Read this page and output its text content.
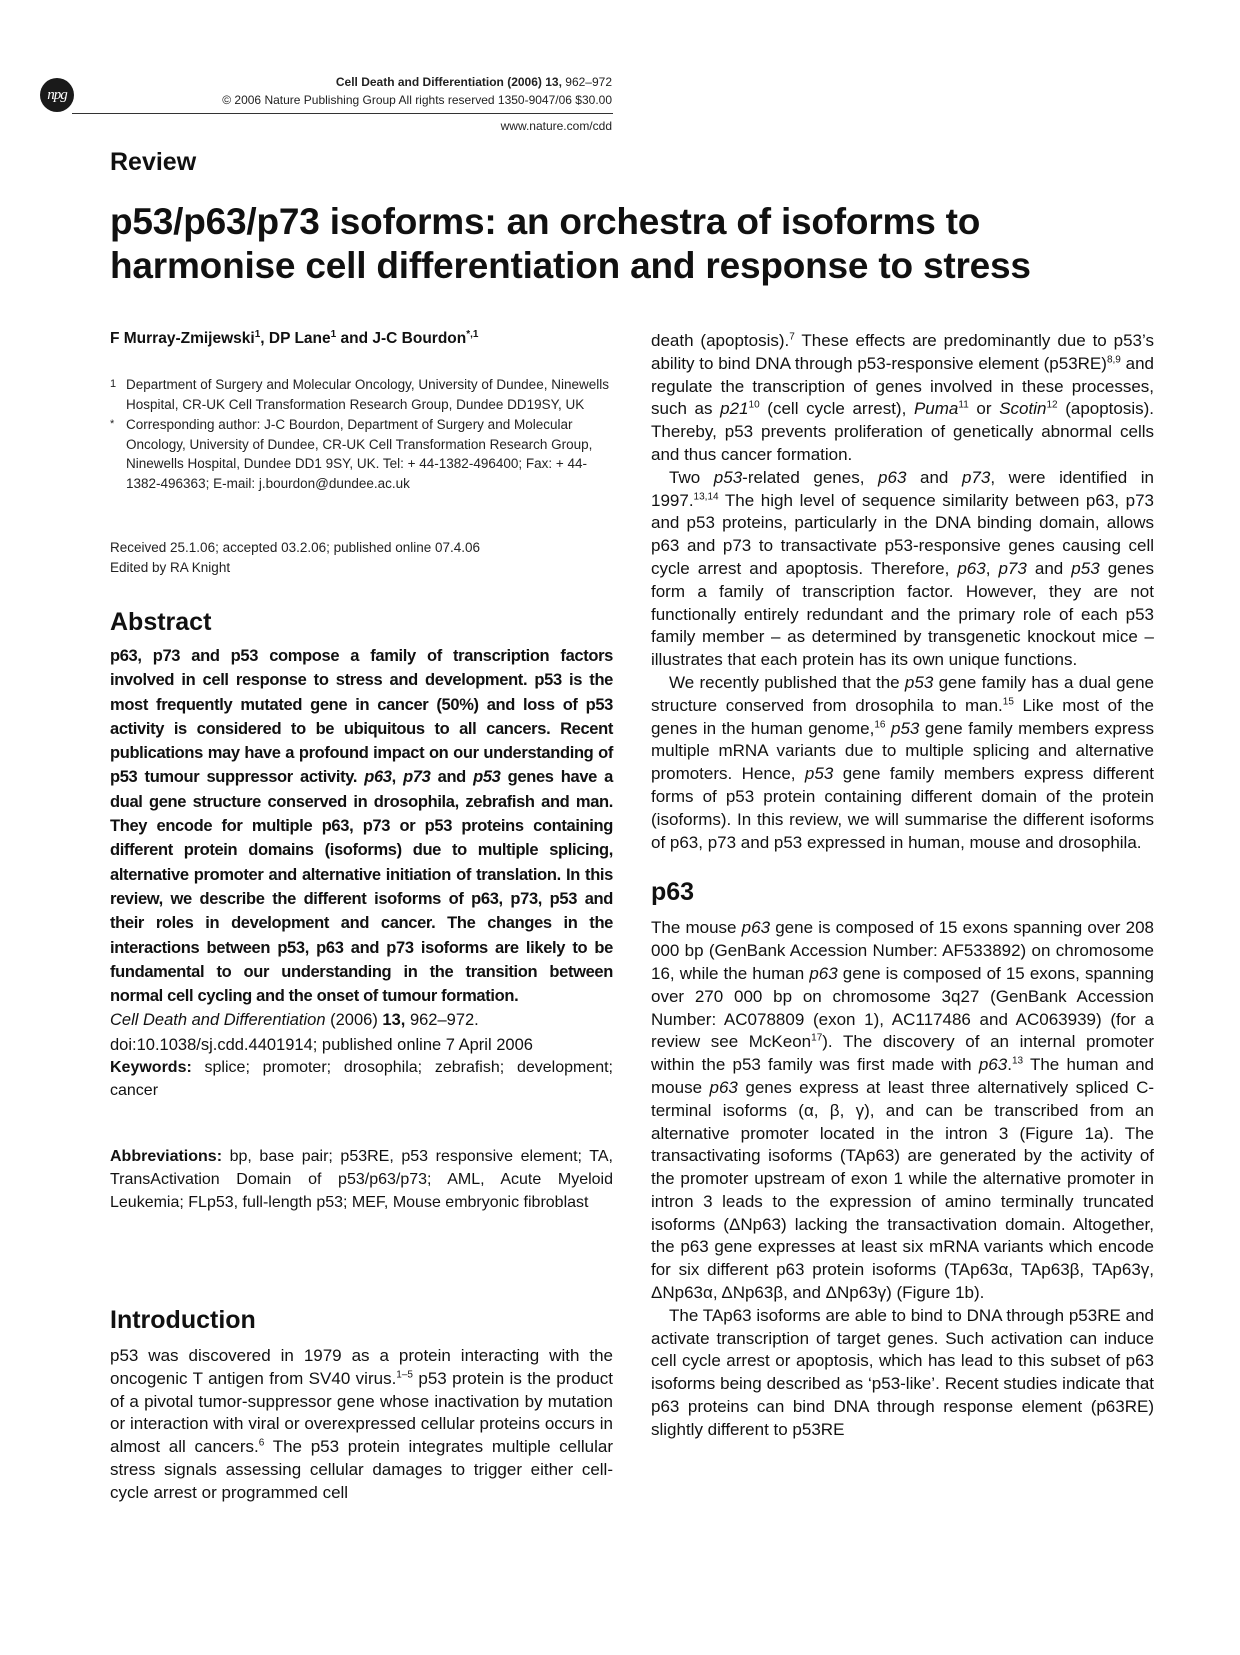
npg
Cell Death and Differentiation (2006) 13, 962–972
© 2006 Nature Publishing Group All rights reserved 1350-9047/06 $30.00
www.nature.com/cdd
Review
p53/p63/p73 isoforms: an orchestra of isoforms to
harmonise cell differentiation and response to stress
F Murray-Zmijewski$^1$, DP Lane$^1$ and J-C Bourdon$^{*,1}$
1 Department of Surgery and Molecular Oncology, University of Dundee, Ninewells Hospital, CR-UK Cell Transformation Research Group, Dundee DD19SY, UK
* Corresponding author: J-C Bourdon, Department of Surgery and Molecular Oncology, University of Dundee, CR-UK Cell Transformation Research Group, Ninewells Hospital, Dundee DD1 9SY, UK. Tel: + 44-1382-496400; Fax: + 44-1382-496363; E-mail: j.bourdon@dundee.ac.uk
Received 25.1.06; accepted 03.2.06; published online 07.4.06
Edited by RA Knight
Abstract
p63, p73 and p53 compose a family of transcription factors involved in cell response to stress and development. p53 is the most frequently mutated gene in cancer (50%) and loss of p53 activity is considered to be ubiquitous to all cancers. Recent publications may have a profound impact on our understanding of p53 tumour suppressor activity. p63, p73 and p53 genes have a dual gene structure conserved in drosophila, zebrafish and man. They encode for multiple p63, p73 or p53 proteins containing different protein domains (isoforms) due to multiple splicing, alternative promoter and alternative initiation of translation. In this review, we describe the different isoforms of p63, p73, p53 and their roles in development and cancer. The changes in the interactions between p53, p63 and p73 isoforms are likely to be fundamental to our understanding in the transition between normal cell cycling and the onset of tumour formation.
Cell Death and Differentiation (2006) 13, 962–972.
doi:10.1038/sj.cdd.4401914; published online 7 April 2006
Keywords: splice; promoter; drosophila; zebrafish; development; cancer
Abbreviations: bp, base pair; p53RE, p53 responsive element; TA, TransActivation Domain of p53/p63/p73; AML, Acute Myeloid Leukemia; FLp53, full-length p53; MEF, Mouse embryonic fibroblast
Introduction

p53 was discovered in 1979 as a protein interacting with the oncogenic T antigen from SV40 virus.$^{1-5}$ p53 protein is the product of a pivotal tumor-suppressor gene whose inactivation by mutation or interaction with viral or overexpressed cellular proteins occurs in almost all cancers.$^6$ The p53 protein integrates multiple cellular stress signals assessing cellular damages to trigger either cell-cycle arrest or programmed cell

death (apoptosis).$^7$ These effects are predominantly due to p53’s ability to bind DNA through p53-responsive element $(p53RE)^{8,9}$ and regulate the transcription of genes involved in these processes, such as $p21^{10}$ (cell cycle arrest), Puma$^{11}$ or Scotin$^{12}$ (apoptosis). Thereby, p53 prevents proliferation of genetically abnormal cells and thus cancer formation.

Two p53-related genes, p63 and p73, were identified in 1997.$^{13,14}$ The high level of sequence similarity between p63, p73 and p53 proteins, particularly in the DNA binding domain, allows p63 and p73 to transactivate p53-responsive genes causing cell cycle arrest and apoptosis. Therefore, p63, p73 and p53 genes form a family of transcription factor. However, they are not functionally entirely redundant and the primary role of each p53 family member – as determined by transgenetic knockout mice – illustrates that each protein has its own unique functions.

We recently published that the p53 gene family has a dual gene structure conserved from drosophila to man.$^{15}$ Like most of the genes in the human genome,$^{16}$ p53 gene family members express multiple mRNA variants due to multiple splicing and alternative promoters. Hence, p53 gene family members express different forms of p53 protein containing different domain of the protein (isoforms). In this review, we will summarise the different isoforms of p63, p73 and p53 expressed in human, mouse and drosophila.

p63

The mouse p63 gene is composed of 15 exons spanning over 208 000 bp (GenBank Accession Number: AF533892) on chromosome 16, while the human p63 gene is composed of 15 exons, spanning over 270 000 bp on chromosome 3q27 (GenBank Accession Number: AC078809 (exon 1), AC117486 and AC063939) (for a review see McKeon$^{17}$). The discovery of an internal promoter within the p53 family was first made with p63.13 The human and mouse p63 genes express at least three alternatively spliced C-terminal isoforms (α, β, γ), and can be transcribed from an alternative promoter located in the intron 3 (Figure 1a). The transactivating isoforms (TAp63) are generated by the activity of the promoter upstream of exon 1 while the alternative promoter in intron 3 leads to the expression of amino terminally truncated isoforms (ΔNp63) lacking the transactivation domain. Altogether, the p63 gene expresses at least six mRNA variants which encode for six different p63 protein isoforms (TAp63α, TAp63β, TAp63γ, ΔNp63α, ΔNp63β, and ΔNp63γ) (Figure 1b).

The TAp63 isoforms are able to bind to DNA through p53RE and activate transcription of target genes. Such activation can induce cell cycle arrest or apoptosis, which has lead to this subset of p63 isoforms being described as ‘p53-like’. Recent studies indicate that p63 proteins can bind DNA through response element (p63RE) slightly different to p53RE
